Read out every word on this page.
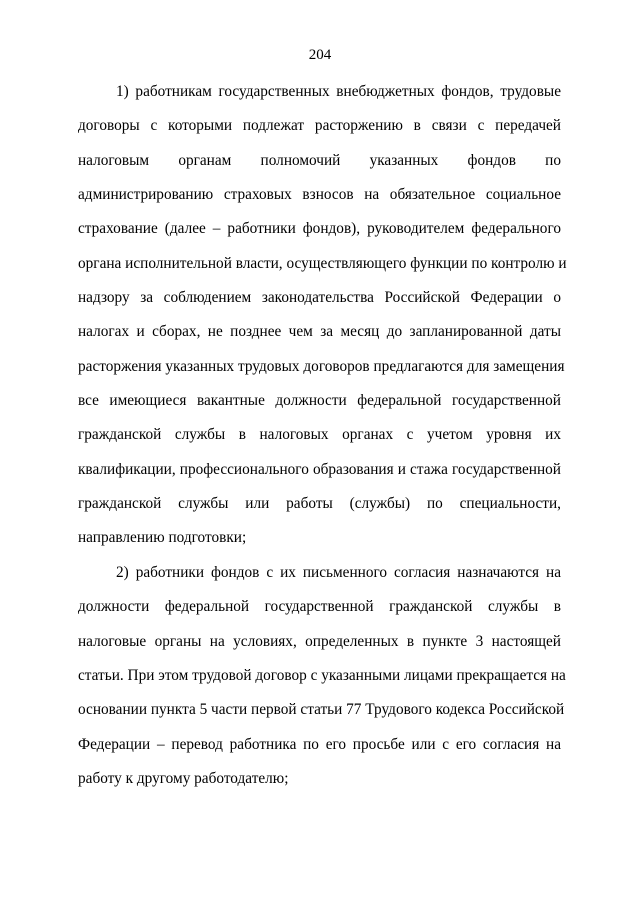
204
1) работникам государственных внебюджетных фондов, трудовые
договоры с которыми подлежат расторжению в связи с передачей
налоговым органам полномочий указанных фондов по
администрированию страховых взносов на обязательное социальное
страхование (далее – работники фондов), руководителем федерального
органа исполнительной власти, осуществляющего функции по контролю и
надзору за соблюдением законодательства Российской Федерации о
налогах и сборах, не позднее чем за месяц до запланированной даты
расторжения указанных трудовых договоров предлагаются для замещения
все имеющиеся вакантные должности федеральной государственной
гражданской службы в налоговых органах с учетом уровня их
квалификации, профессионального образования и стажа государственной
гражданской службы или работы (службы) по специальности,
направлению подготовки;
2) работники фондов с их письменного согласия назначаются на
должности федеральной государственной гражданской службы в
налоговые органы на условиях, определенных в пункте 3 настоящей
статьи. При этом трудовой договор с указанными лицами прекращается на
основании пункта 5 части первой статьи 77 Трудового кодекса Российской
Федерации – перевод работника по его просьбе или с его согласия на
работу к другому работодателю;
